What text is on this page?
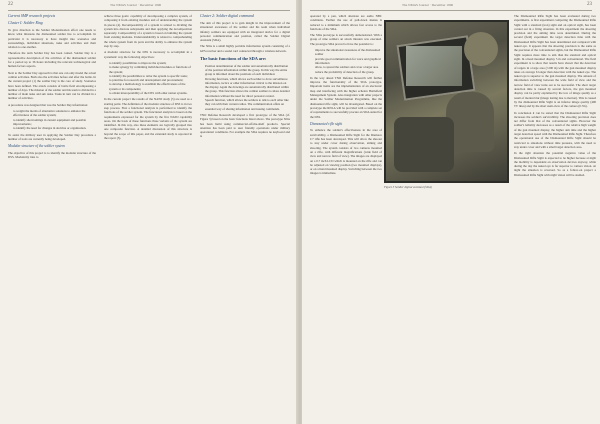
22	The NMAS Journal · December 1996
Current SMP research projects
Cluster I: Soldier Ring

To give direction to the Soldier Modernisation effort one needs to know what missions the dismounted soldier has to accomplish. In particular it is necessary to have insight into scenarios and surroundings, individual situations, tasks and activities and their relation to one another.

Therefore the term Soldier Day has been coined. Soldier Day is a representative description of the activities of the dismounted soldier for a period up to 36 hours including the relevant technological and human factors aspects.

Next to the Soldier Day approach is that one can only model the actual combat activities. Both also the activities before and after the battle. In the current project (1) the soldier Day is the core of study. Scenarios have been defined. The attack consists of battle field encompassing a number of days. The mission of the soldier and his team is divided in a number of main tasks and sub tasks. Tasks in turn can be divided in a number of activities.

A procedure was designed that was the Soldier Day information:

• to weight the merits of alternative solutions to enhance the effectiveness of the soldier system;
• to identify shortcomings in current equipment and possible improvements;
• to identify the need for changes in doctrine or organisation.

To assist the military user in applying the Soldier Day procedure a number of tools are currently being developed.

Modular structure of the soldier system

The objective of this project is to identify the modular structure of the DSS. Modularity tries to

achieve three goals: capability of decomposing a complex system, of composing it from existing modules and of understanding the system in pieces (4). Decomposability of a system is related to dividing the system into discrete subsystems and then applying the decomposition separately. Composability of a system is based on building the system from existing modules. Understandability is related to comprehending the whole system from its parts and the ability to enhance the system step by step.

A modular structure for the DSS is necessary to accomplish in a systematic way the following objectives:

• to identify possibilities to improve the system;
• to make synergy by combining individual modules or functions of the system;
• to identify the possibilities to tailor the system to specific tasks;
• to prioritise for research and development and procurement;
• to develop a methodology to establish the effectiveness of the system or its components;
• to obtain interoperability of the DSS with other nation systems.

In the current project the results of the NATO study (5) are used as a starting point. The definition of the modular structure of DSS is in two step process. First a functional analysis is performed to identify the functions of the soldier system. The functional analysis is based on the requirements expressed for the system by the five NATO capability areas. On the basis of these functions three variants of the system are identified. In this way, also these elements are logically grouped into one composite function. A detailed discussion of this structure is beyond the scope of this paper, and the extended study is reported in the report (3).

Cluster 2: Soldier digital command

The aim of this project is to gain insight in the improvement of the situational awareness of the soldier and his team when individual infantry soldiers are equipped with an integrated device for a digital personal communication and position, called the Soldier Digital Assistant (SDA).

The SDA is a small highly portable information system consisting of a GPS receiver and a sound card connected through a wireless network.

The basic functions of the SDA are:
• Position determination of the soldier and automatically distribution of the position information within the group. In this way the entire group is informed about the positions of each individual.
• Drawing functions, which allows each soldier to draw surveillance information, tactics or other information critical to the mission on the display. Again the drawings are automatically distributed within the group. This function allows the combat soldiers to share detailed information without the need for direct personal contact.
• Speech function, which allows the soldiers to talk to each other like they can with their current radios. The communication offers an essential way of sharing information and issuing commands.

TNO Defense Research developed a first prototype of the SDA (cf. Figure 3) based on the basic functions listed above. The prototype SDA has been build using commercial-off-the-shelf products. Special attention has been paid to user friendly operations under military operational conditions. For example the SDA requires no keyboard and is

23
The NMAS Journal · December 1996

operated by a pen, which alternate are audio NBC conditions. Further the use of pull-down menus is reduced to a minimum which allows fast access to the functions of the SDA.

The SDA prototype is successfully demonstrated. With a group of nine soldiers an attack mission was executed. The prototype SDA proved to have the potential to:

• improve the situational awareness of the dismounted soldier
• provide good communication for voice and graphical information
• allow, to spread the soldiers and cover a larger area
• reduce the probability of detection of the group.

In the way ahead TNO Defense Research will further improve the functionality of the SDA prototype. Important items are the implementation of an electronic map and interfacing with the higher echelon Battlefield Management System. Also integration with other projects under the Soldier Modernisation Programme, like the dismounted rifle sight, will be investigated. Based on the prototype the RNLA will be provided with a complete set of requirements to successfully procure an SDA suited for the DSS.

Dismounted rifle sight

To enhance the soldier's effectiveness in the area of survivability, a Dismounted Rifle Sight for the Diemaco C7 rifle has been developed. This will allow the shooter to stay under cover during observation, aiming and shooting. The system consists of two cameras mounted on a rifle, with different magnifications (wide field of view and narrow field of view). The images are displayed on a 0.7 inch LCD which is mounted on the rifle and can be adjusted on viewing position (two mounted displays), or on a hand mounted display. Switching between the two images is immediate.

The Dismounted Rifle Sight has been evaluated during two experiments. A first experiment comparing the Dismounted Rifle Sight with a standard (iron) sight and an optical sight, has been carried out in a firing situation. In this experiment the shooting precision and the aiming time were determined. During the second (field) experiment the target detection time with the Dismounted Rifle Sight has been determined and compared with naked eye. It appears that the shooting precision is the same as the precision of the conventional sights, but the Dismounted Rifle Sight requires more time to aim than the standard and optical sight. In a head mounted display 5 m and conventional. The field experiment is to show that results have shown that the detection of targets in a large area (>200 m) with the gun mounted display takes on average 6 longer than detection with the naked eye. The naked eye is superior to the gun mounted display. The amount of information switching between the wide field of view and the narrow field of view turns out to be successful. The short target detection time is caused by several factors, the gun mounted display can be partly explained by the low of image quality as a result of motion blur (image lasting due to motion). This is caused by the dismounted Rifle Sight is an inferior image quality (400 TV lines) and by the short stem-view of the camera (0.7m).

In conclusion it can be stated that the Dismounted Rifle Sight increases the soldier's survivability. The shooting precision does not differ from that of the conventional sights. However the soldier's lethality decreases as a result of the relative high weight of the gun mounted display, the higher aim time and the higher target detection speed with the Dismounted Rifle Sight. Therefore the operational use of the Dismounted Rifle Sight should be restricted to situations without time pressure, with the need to stay under cover and with a small target detection area.

In the right situation the potential negative value of the Dismounted Rifle Sight is expected to be higher because at night the mobility is dependent on observation devices anyway, while during the day the naked eye is far superior to camera vision. At night the situation is reversed. So as a follow-on project a Dismounted Rifle Sight with night vision will be studied.

Figure 3 Soldier digital assistant (SDA)
